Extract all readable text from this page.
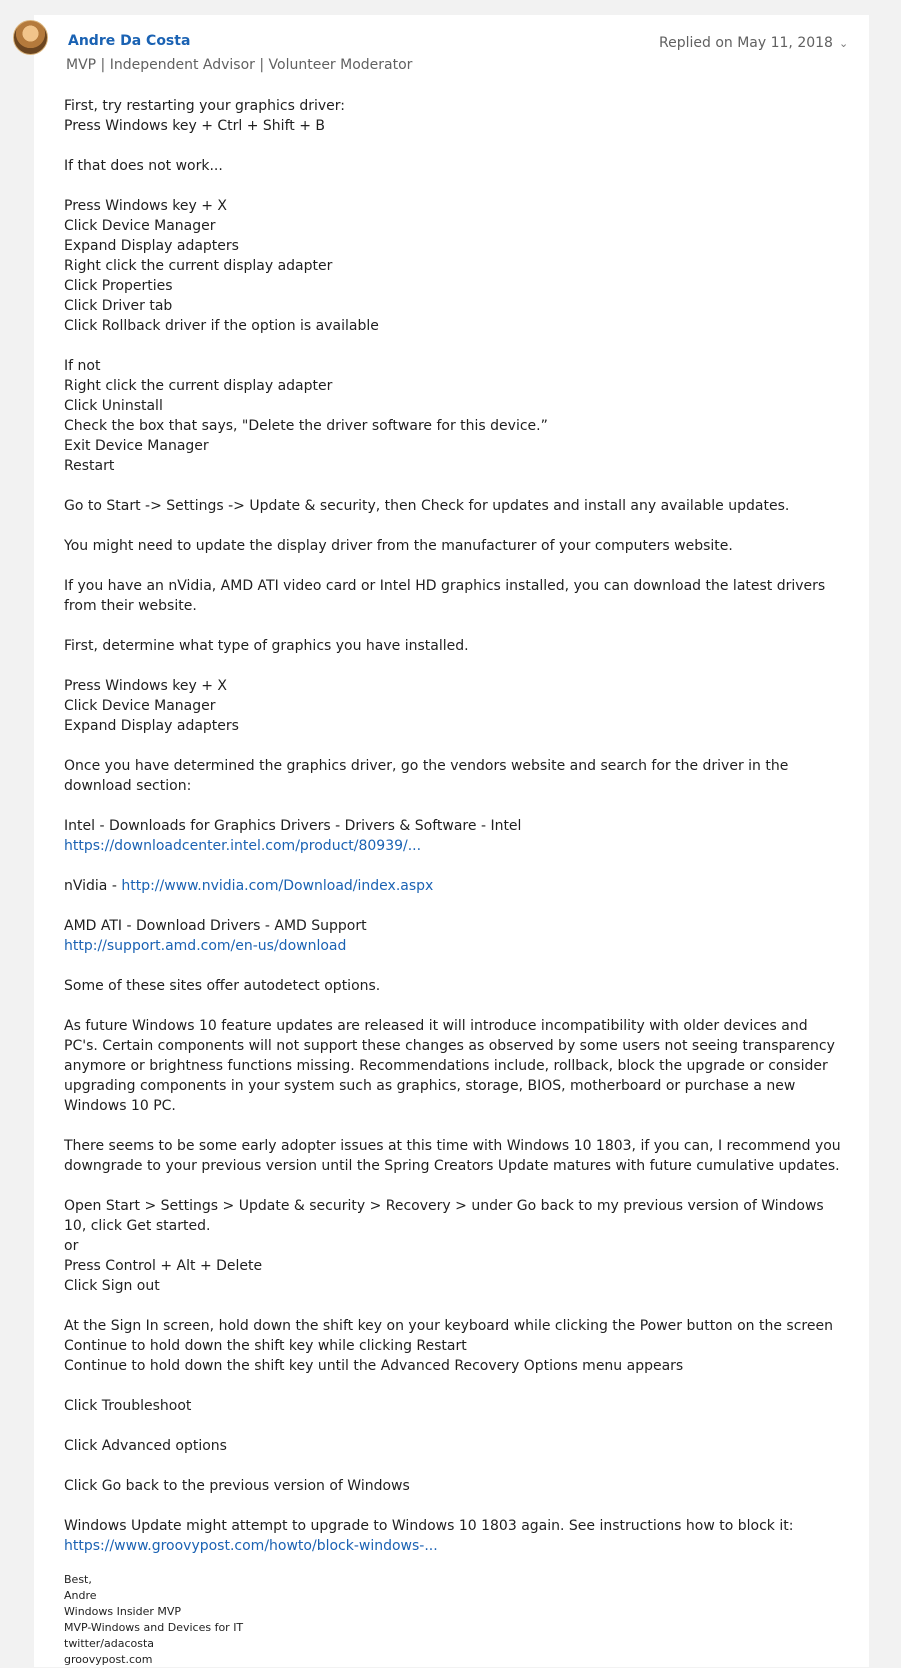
Andre Da Costa
MVP | Independent Advisor | Volunteer Moderator
Replied on May 11, 2018 ⌄
First, try restarting your graphics driver:
Press Windows key + Ctrl + Shift + B
If that does not work...
Press Windows key + X
Click Device Manager
Expand Display adapters
Right click the current display adapter
Click Properties
Click Driver tab
Click Rollback driver if the option is available
If not
Right click the current display adapter
Click Uninstall
Check the box that says, "Delete the driver software for this device.”
Exit Device Manager
Restart
Go to Start -> Settings -> Update & security, then Check for updates and install any available updates.
You might need to update the display driver from the manufacturer of your computers website.
If you have an nVidia, AMD ATI video card or Intel HD graphics installed, you can download the latest drivers from their website.
First, determine what type of graphics you have installed.
Press Windows key + X
Click Device Manager
Expand Display adapters
Once you have determined the graphics driver, go the vendors website and search for the driver in the download section:
Intel - Downloads for Graphics Drivers - Drivers & Software - Intel
https://downloadcenter.intel.com/product/80939/...
nVidia - http://www.nvidia.com/Download/index.aspx
AMD ATI - Download Drivers - AMD Support
http://support.amd.com/en-us/download
Some of these sites offer autodetect options.
As future Windows 10 feature updates are released it will introduce incompatibility with older devices and PC's. Certain components will not support these changes as observed by some users not seeing transparency anymore or brightness functions missing. Recommendations include, rollback, block the upgrade or consider upgrading components in your system such as graphics, storage, BIOS, motherboard or purchase a new Windows 10 PC.
There seems to be some early adopter issues at this time with Windows 10 1803, if you can, I recommend you downgrade to your previous version until the Spring Creators Update matures with future cumulative updates.
Open Start > Settings > Update & security > Recovery > under Go back to my previous version of Windows 10, click Get started.
or
Press Control + Alt + Delete
Click Sign out
At the Sign In screen, hold down the shift key on your keyboard while clicking the Power button on the screen
Continue to hold down the shift key while clicking Restart
Continue to hold down the shift key until the Advanced Recovery Options menu appears
Click Troubleshoot
Click Advanced options
Click Go back to the previous version of Windows
Windows Update might attempt to upgrade to Windows 10 1803 again. See instructions how to block it:
https://www.groovypost.com/howto/block-windows-...
Best,
Andre
Windows Insider MVP
MVP-Windows and Devices for IT
twitter/adacosta
groovypost.com
